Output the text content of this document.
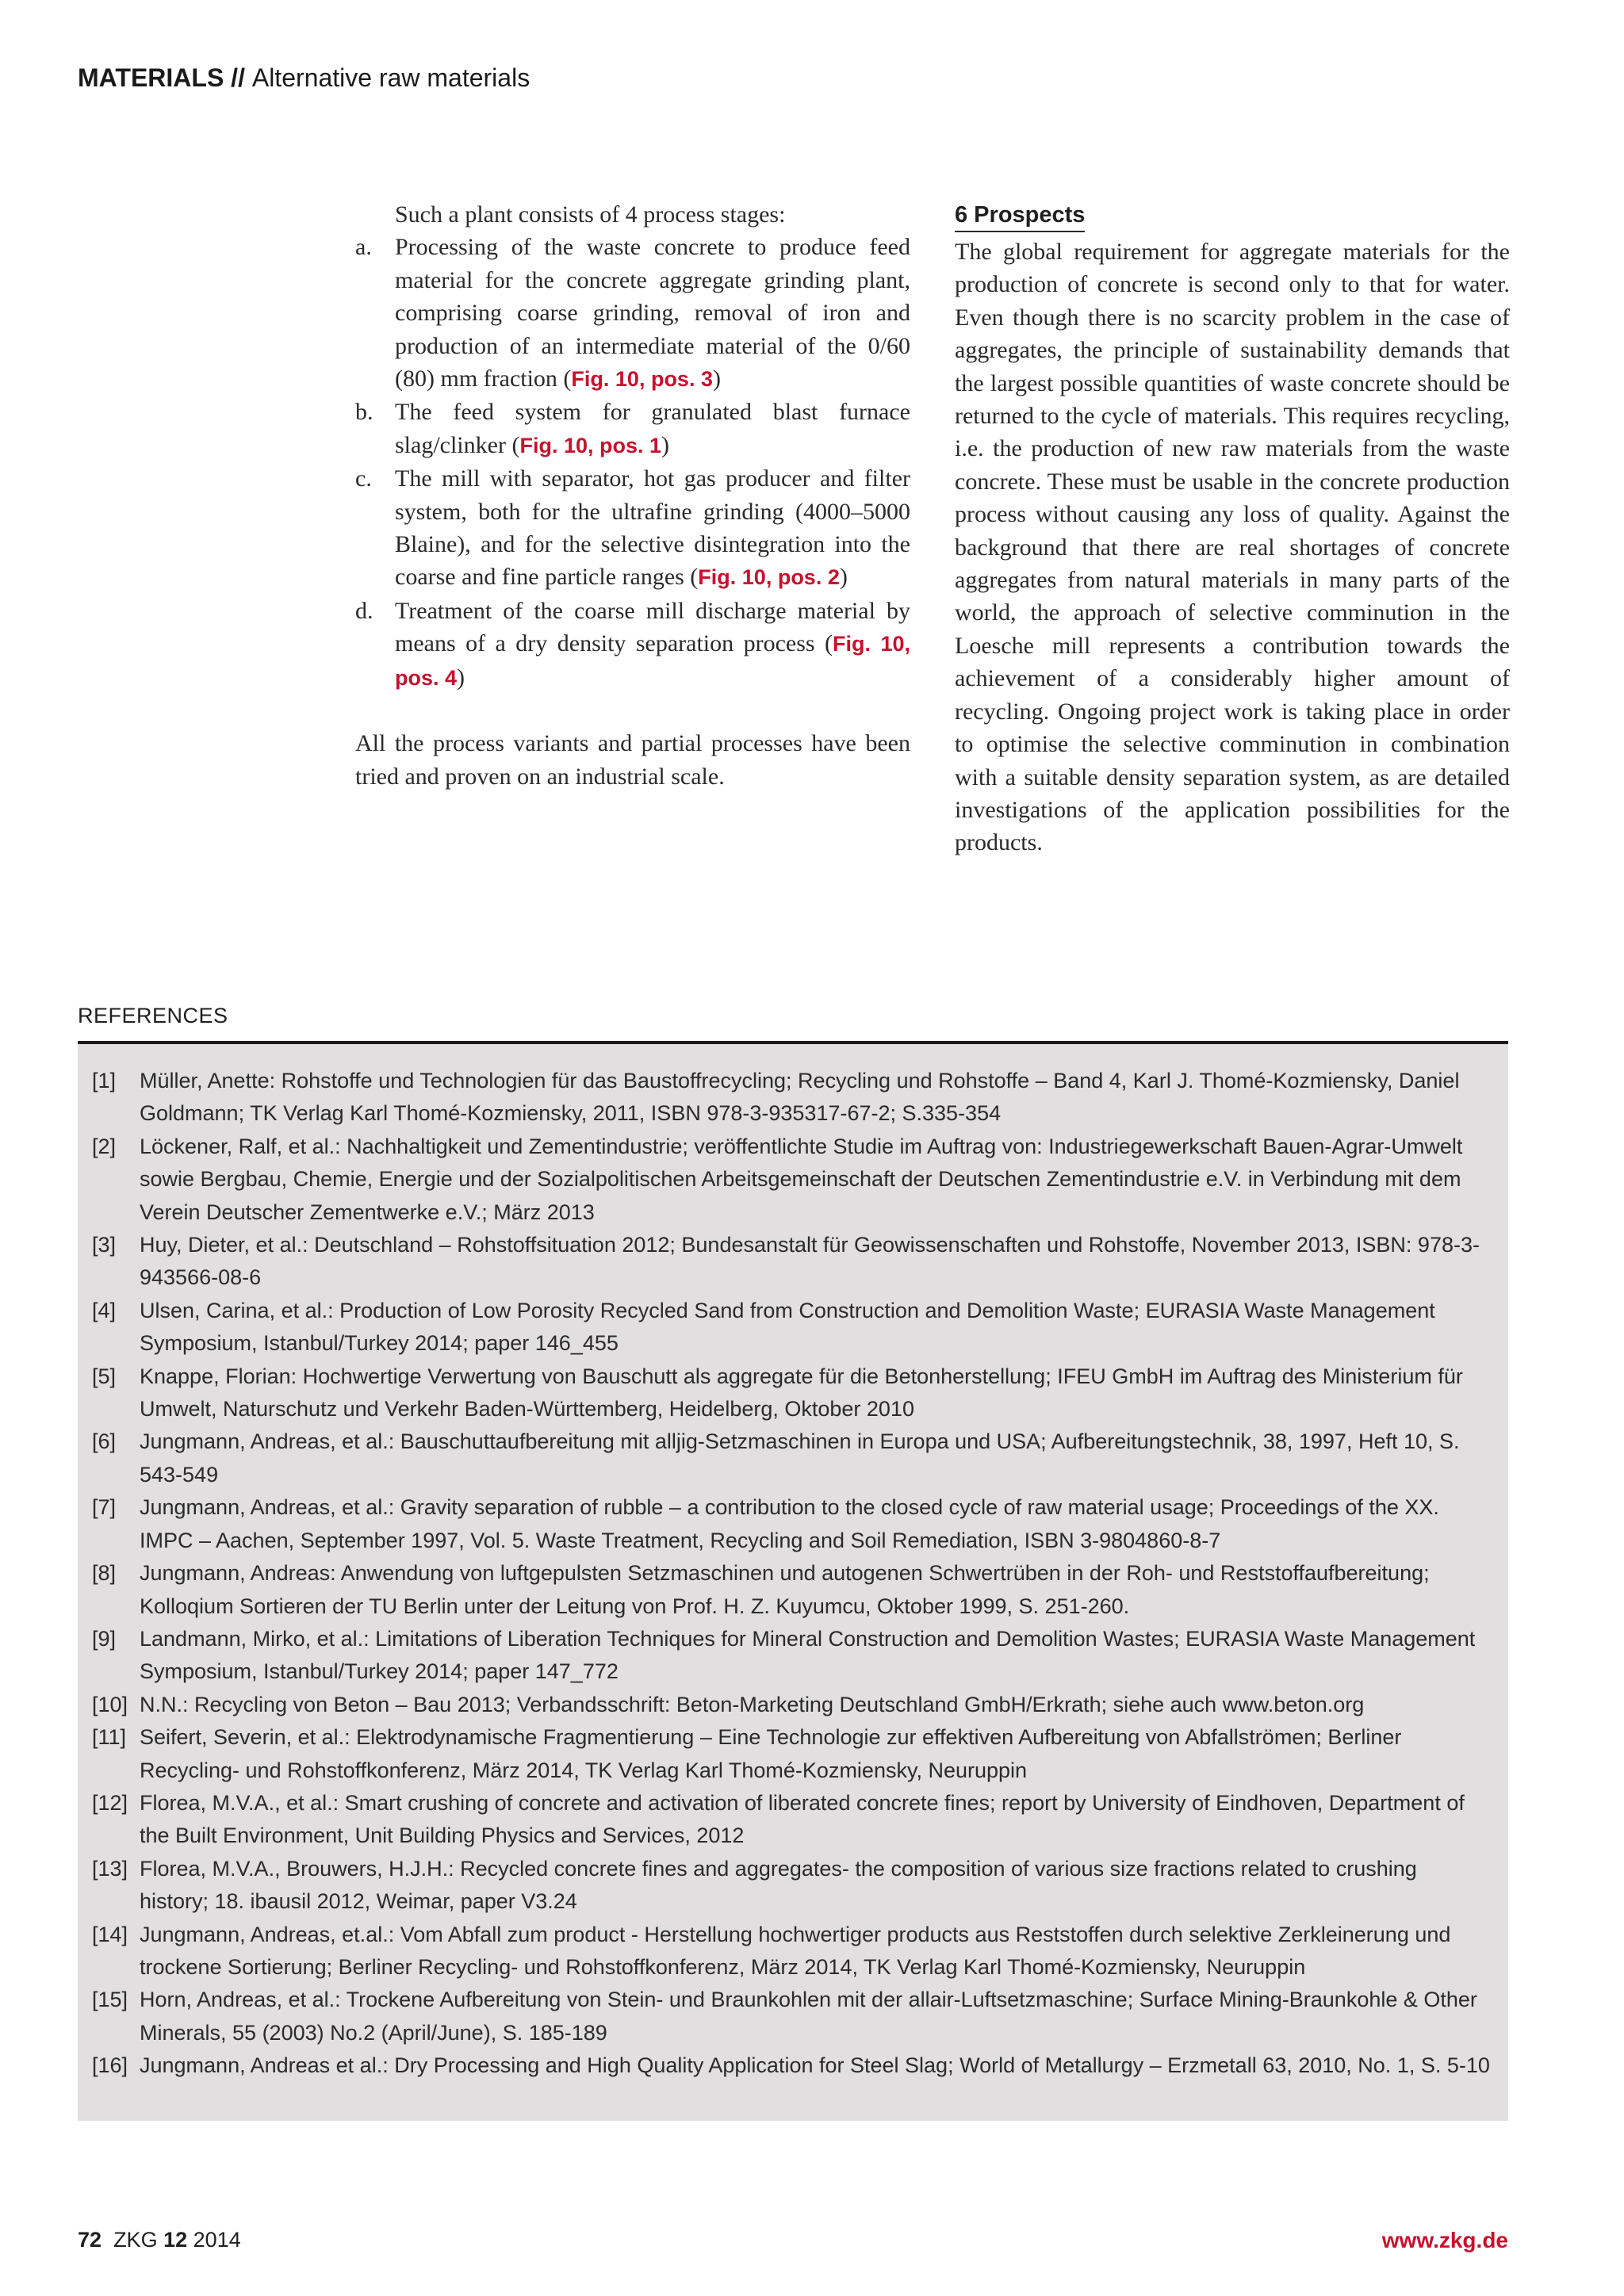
MATERIALS // Alternative raw materials

Such a plant consists of 4 process stages:

a. Processing of the waste concrete to produce feed material for the concrete aggregate grinding plant, comprising coarse grinding, removal of iron and production of an intermediate material of the 0/60 (80) mm fraction (Fig. 10, pos. 3)
b. The feed system for granulated blast furnace slag/clinker (Fig. 10, pos. 1)
c. The mill with separator, hot gas producer and filter system, both for the ultrafine grinding (4000–5000 Blaine), and for the selective disintegration into the coarse and fine particle ranges (Fig. 10, pos. 2)
d. Treatment of the coarse mill discharge material by means of a dry density separation process (Fig. 10, pos. 4)

All the process variants and partial processes have been tried and proven on an industrial scale.

6 Prospects

The global requirement for aggregate materials for the production of concrete is second only to that for water. Even though there is no scarcity problem in the case of aggregates, the principle of sustainability demands that the largest possible quantities of waste concrete should be returned to the cycle of materials. This requires recycling, i.e. the production of new raw materials from the waste concrete. These must be usable in the concrete production process without causing any loss of quality. Against the background that there are real shortages of concrete aggregates from natural materials in many parts of the world, the approach of selective comminution in the Loesche mill represents a contribution towards the achievement of a considerably higher amount of recycling. Ongoing project work is taking place in order to optimise the selective comminution in combination with a suitable density separation system, as are detailed investigations of the application possibilities for the products.

REFERENCES
[1]	Müller, Anette: Rohstoffe und Technologien für das Baustoffrecycling; Recycling und Rohstoffe – Band 4, Karl J. Thomé-Kozmiensky, Daniel Goldmann; TK Verlag Karl Thomé-Kozmiensky, 2011, ISBN 978-3-935317-67-2; S.335-354
[2]	Löckener, Ralf, et al.: Nachhaltigkeit und Zementindustrie; veröffentlichte Studie im Auftrag von: Industriegewerkschaft Bauen-Agrar-Umwelt sowie Bergbau, Chemie, Energie und der Sozialpolitischen Arbeitsgemeinschaft der Deutschen Zementindustrie e.V. in Verbindung mit dem Verein Deutscher Zementwerke e.V.; März 2013
[3]	Huy, Dieter, et al.: Deutschland – Rohstoffsituation 2012; Bundesanstalt für Geowissenschaften und Rohstoffe, November 2013, ISBN: 978-3-943566-08-6
[4]	Ulsen, Carina, et al.: Production of Low Porosity Recycled Sand from Construction and Demolition Waste; EURASIA Waste Management Symposium, Istanbul/Turkey 2014; paper 146_455
[5]	Knappe, Florian: Hochwertige Verwertung von Bauschutt als aggregate für die Betonherstellung; IFEU GmbH im Auftrag des Ministerium für Umwelt, Naturschutz und Verkehr Baden-Württemberg, Heidelberg, Oktober 2010
[6]	Jungmann, Andreas, et al.: Bauschuttaufbereitung mit alljig-Setzmaschinen in Europa und USA; Aufbereitungstechnik, 38, 1997, Heft 10, S. 543-549
[7]	Jungmann, Andreas, et al.: Gravity separation of rubble – a contribution to the closed cycle of raw material usage; Proceedings of the XX. IMPC – Aachen, September 1997, Vol. 5. Waste Treatment, Recycling and Soil Remediation, ISBN 3-9804860-8-7
[8]	Jungmann, Andreas: Anwendung von luftgepulsten Setzmaschinen und autogenen Schwertrüben in der Roh- und Reststoffaufbereitung; Kolloqium Sortieren der TU Berlin unter der Leitung von Prof. H. Z. Kuyumcu, Oktober 1999, S. 251-260.
[9]	Landmann, Mirko, et al.: Limitations of Liberation Techniques for Mineral Construction and Demolition Wastes; EURASIA Waste Management Symposium, Istanbul/Turkey 2014; paper 147_772
[10] N.N.: Recycling von Beton – Bau 2013; Verbandsschrift: Beton-Marketing Deutschland GmbH/Erkrath; siehe auch www.beton.org
[11] Seifert, Severin, et al.: Elektrodynamische Fragmentierung – Eine Technologie zur effektiven Aufbereitung von Abfallströmen; Berliner Recycling- und Rohstoffkonferenz, März 2014, TK Verlag Karl Thomé-Kozmiensky, Neuruppin
[12] Florea, M.V.A., et al.: Smart crushing of concrete and activation of liberated concrete fines; report by University of Eindhoven, Department of the Built Environment, Unit Building Physics and Services, 2012
[13] Florea, M.V.A., Brouwers, H.J.H.: Recycled concrete fines and aggregates- the composition of various size fractions related to crushing history; 18. ibausil 2012, Weimar, paper V3.24
[14] Jungmann, Andreas, et.al.: Vom Abfall zum product - Herstellung hochwertiger products aus Reststoffen durch selektive Zerkleinerung und trockene Sortierung; Berliner Recycling- und Rohstoffkonferenz, März 2014, TK Verlag Karl Thomé-Kozmiensky, Neuruppin
[15] Horn, Andreas, et al.: Trockene Aufbereitung von Stein- und Braunkohlen mit der allair-Luftsetzmaschine; Surface Mining-Braunkohle & Other Minerals, 55 (2003) No.2 (April/June), S. 185-189
[16] Jungmann, Andreas et al.: Dry Processing and High Quality Application for Steel Slag; World of Metallurgy – Erzmetall 63, 2010, No. 1, S. 5-10
72 ZKG 12 2014	www.zkg.de
